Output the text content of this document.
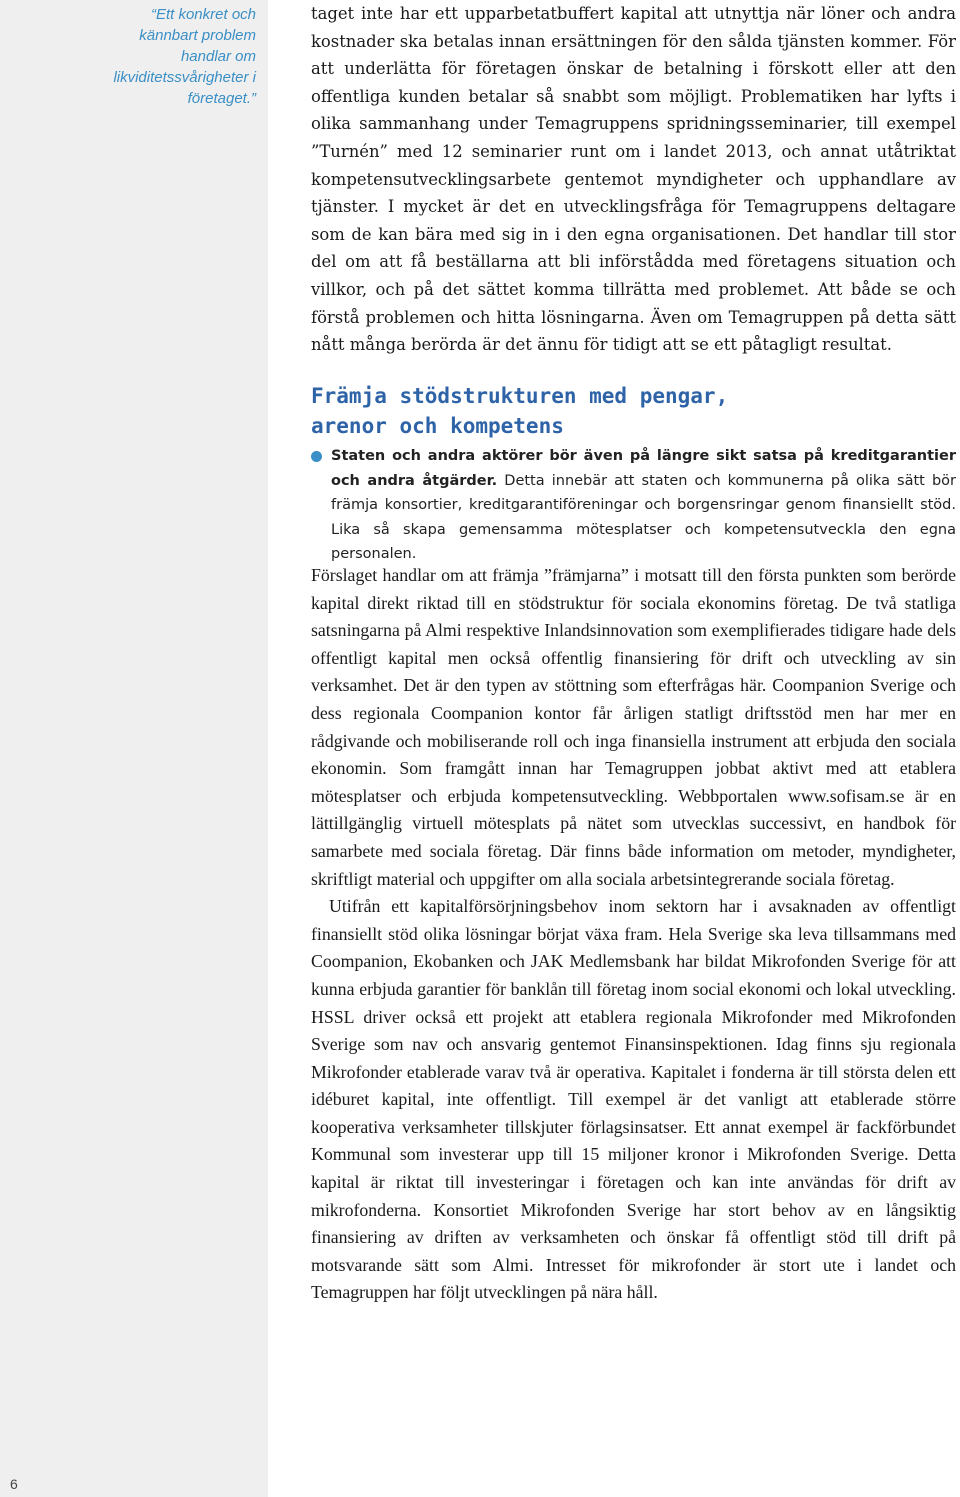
“Ett konkret och kännbart problem handlar om likviditetssvårigheter i företaget.”

6

taget inte har ett upparbetatbuffert kapital att utnyttja när löner och andra kostnader ska betalas innan ersättningen för den sålda tjänsten kommer. För att underlätta för företagen önskar de betalning i förskott eller att den offentliga kunden betalar så snabbt som möjligt. Problematiken har lyfts i olika sammanhang under Temagruppens spridningsseminarier, till exempel ”Turnén” med 12 seminarier runt om i landet 2013, och annat utåtriktat kompetensutvecklingsarbete gentemot myndigheter och upphandlare av tjänster. I mycket är det en utvecklingsfråga för Temagruppens deltagare som de kan bära med sig in i den egna organisationen. Det handlar till stor del om att få beställarna att bli införstådda med företagens situation och villkor, och på det sättet komma tillrätta med problemet. Att både se och förstå problemen och hitta lösningarna. Även om Temagruppen på detta sätt nått många berörda är det ännu för tidigt att se ett påtagligt resultat.

Främja stödstrukturen med pengar,

arenor och kompetens

Staten och andra aktörer bör även på längre sikt satsa på kreditgarantier och andra åtgärder. Detta innebär att staten och kommunerna på olika sätt bör främja konsortier, kreditgarantiföreningar och borgensringar genom finansiellt stöd. Lika så skapa gemensamma mötesplatser och kompetensutveckla den egna personalen.

Förslaget handlar om att främja ”främjarna” i motsatt till den första punkten som berörde kapital direkt riktad till en stödstruktur för sociala ekonomins företag. De två statliga satsningarna på Almi respektive Inlandsinnovation som exemplifierades tidigare hade dels offentligt kapital men också offentlig finansiering för drift och utveckling av sin verksamhet. Det är den typen av stöttning som efterfrågas här. Coompanion Sverige och dess regionala Coompanion kontor får årligen statligt driftsstöd men har mer en rådgivande och mobiliserande roll och inga finansiella instrument att erbjuda den sociala ekonomin. Som framgått innan har Temagruppen jobbat aktivt med att etablera mötesplatser och erbjuda kompetensutveckling. Webbportalen www.sofisam.se är en lättillgänglig virtuell mötesplats på nätet som utvecklas successivt, en handbok för samarbete med sociala företag. Där finns både information om metoder, myndigheter, skriftligt material och uppgifter om alla sociala arbetsintegrerande sociala företag.

Utifrån ett kapitalförsörjningsbehov inom sektorn har i avsaknaden av offentligt finansiellt stöd olika lösningar börjat växa fram. Hela Sverige ska leva tillsammans med Coompanion, Ekobanken och JAK Medlemsbank har bildat Mikrofonden Sverige för att kunna erbjuda garantier för banklån till företag inom social ekonomi och lokal utveckling. HSSL driver också ett projekt att etablera regionala Mikrofonder med Mikrofonden Sverige som nav och ansvarig gentemot Finansinspektionen. Idag finns sju regionala Mikrofonder etablerade varav två är operativa. Kapitalet i fonderna är till största delen ett idéburet kapital, inte offentligt. Till exempel är det vanligt att etablerade större kooperativa verksamheter tillskjuter förlagsinsatser. Ett annat exempel är fackförbundet Kommunal som investerar upp till 15 miljoner kronor i Mikrofonden Sverige. Detta kapital är riktat till investeringar i företagen och kan inte användas för drift av mikrofonderna. Konsortiet Mikrofonden Sverige har stort behov av en långsiktig finansiering av driften av verksamheten och önskar få offentligt stöd till drift på motsvarande sätt som Almi. Intresset för mikrofonder är stort ute i landet och Temagruppen har följt utvecklingen på nära håll.
